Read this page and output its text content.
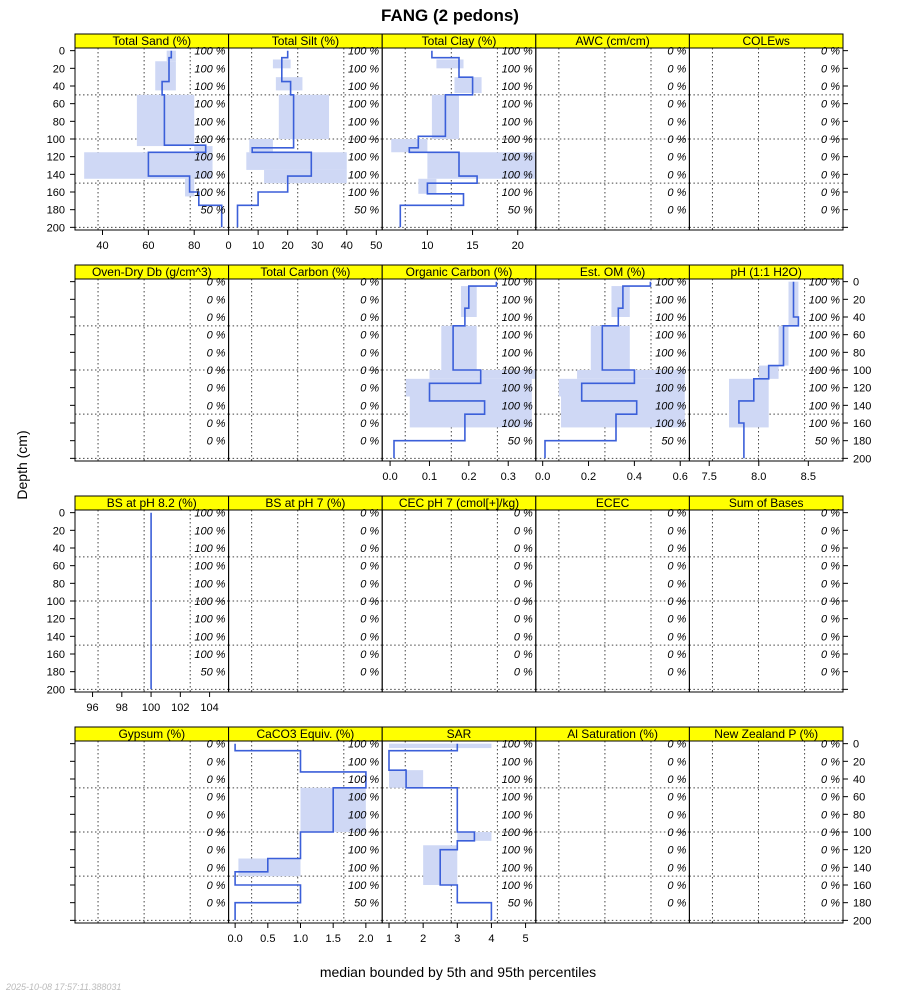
FANG (2 pedons)
Total Sand (%)
100 %
100 %
100 %
100 %
100 %
100 %
100 %
100 %
100 %
50 %
Total Silt (%)
100 %
100 %
100 %
100 %
100 %
100 %
100 %
100 %
100 %
50 %
Total Clay (%)
100 %
100 %
100 %
100 %
100 %
100 %
100 %
100 %
100 %
50 %
AWC (cm/cm)
0 %
0 %
0 %
0 %
0 %
0 %
0 %
0 %
0 %
0 %
COLEws
0 %
0 %
0 %
0 %
0 %
0 %
0 %
0 %
0 %
0 %
0
20
40
60
80
100
120
140
160
180
200
40	60	80 0 10 20 30 40 50	10	15	20
Oven-Dry Db (g/cm^3)
0 %
0 %
0 %
0 %
0 %
0 %
0 %
0 %
0 %
0 %
Total Carbon (%)
0 %
0 %
0 %
0 %
0 %
0 %
0 %
0 %
0 %
0 %
Organic Carbon (%)
100 %
100 %
100 %
100 %
100 %
100 %
100 %
100 %
100 %
50 %
Est. OM (%)
100 %
100 %
100 %
100 %
100 %
100 %
100 %
100 %
100 %
50 %
pH (1:1 H2O)
100 %
100 %
100 %
100 %
100 %
100 %
100 %
100 %
100 %
50 %
0
20
40
60
80
100
120
140
160
180
200
0.0 0.1 0.2 0.3 0.0	0.2	0.4	0.6 7.5	8.0	8.5
BS at pH 8.2 (%)
100 %
100 %
100 %
100 %
100 %
100 %
100 %
100 %
100 %
50 %
BS at pH 7 (%)
0 %
0 %
0 %
0 %
0 %
0 %
0 %
0 %
0 %
0 %
CEC pH 7 (cmol[+]/kg)
0 %
0 %
0 %
0 %
0 %
0 %
0 %
0 %
0 %
0 %
ECEC
0 %
0 %
0 %
0 %
0 %
0 %
0 %
0 %
0 %
0 %
Sum of Bases
0 %
0 %
0 %
0 %
0 %
0 %
0 %
0 %
0 %
0 %
0
20
40
60
80
100
120
140
160
180
200
96 98 100 102 104
Gypsum (%)
0 %
0 %
0 %
0 %
0 %
0 %
0 %
0 %
0 %
0 %
CaCO3 Equiv. (%)
100 %
100 %
100 %
100 %
100 %
100 %
100 %
100 %
100 %
50 %
SAR
100 %
100 %
100 %
100 %
100 %
100 %
100 %
100 %
100 %
50 %
Al Saturation (%)
0 %
0 %
0 %
0 %
0 %
0 %
0 %
0 %
0 %
0 %
New Zealand P (%)
0 %
0 %
0 %
0 %
0 %
0 %
0 %
0 %
0 %
0 %
0
20
40
60
80
100
120
140
160
180
200
0.0 0.5 1.0 1.5 2.0 1	2	3	4	5
Depth (cm)
median bounded by 5th and 95th percentiles
2025-10-08 17:57:11.388031
